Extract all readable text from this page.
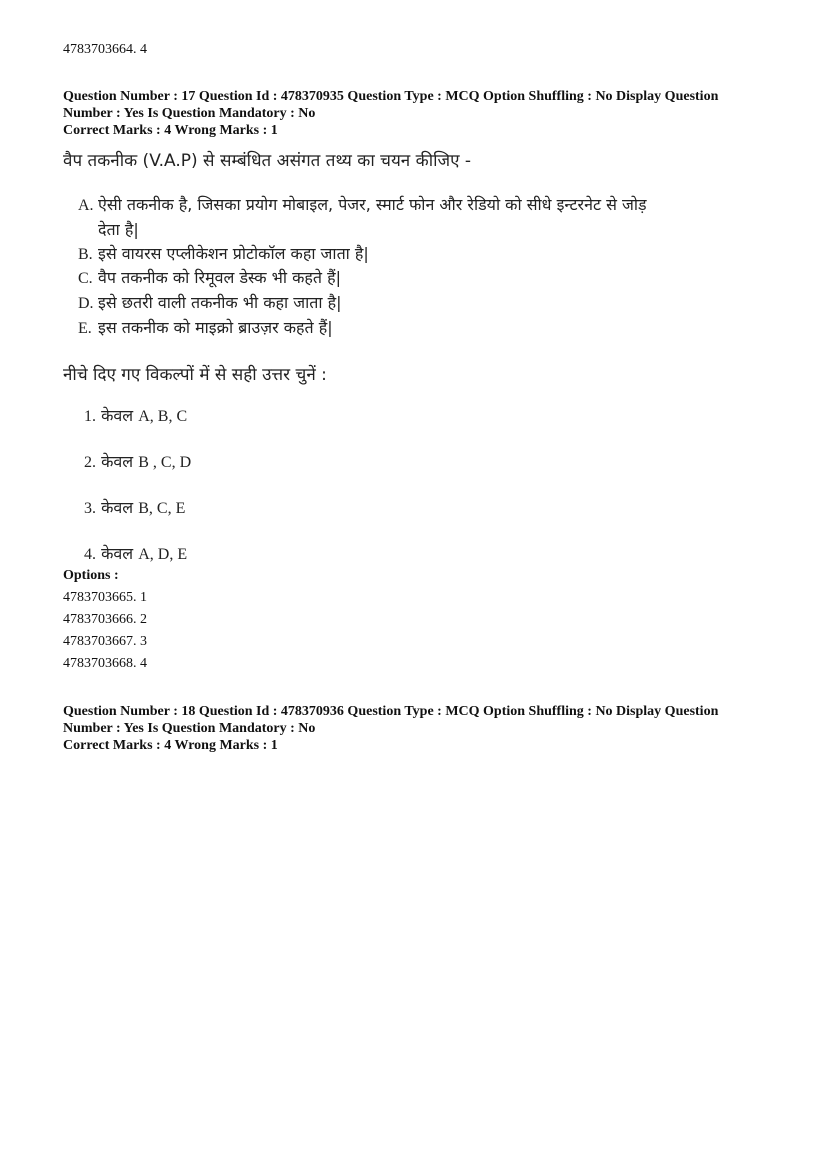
4783703664. 4
Question Number : 17 Question Id : 478370935 Question Type : MCQ Option Shuffling : No Display Question
Number : Yes Is Question Mandatory : No
Correct Marks : 4 Wrong Marks : 1
वैप तकनीक (V.A.P) से सम्बंधित असंगत तथ्य का चयन कीजिए -
A. ऐसी तकनीक है, जिसका प्रयोग मोबाइल, पेजर, स्मार्ट फोन और रेडियो को सीधे इन्टरनेट से जोड़
देता है|
B. इसे वायरस एप्लीकेशन प्रोटोकॉल कहा जाता है|
C. वैप तकनीक को रिमूवल डेस्क भी कहते हैं|
D. इसे छतरी वाली तकनीक भी कहा जाता है|
E. इस तकनीक को माइक्रो ब्राउज़र कहते हैं|
नीचे दिए गए विकल्पों में से सही उत्तर चुनें :
1. केवल A, B, C
2. केवल B , C, D
3. केवल B, C, E
4. केवल A, D, E
Options :
4783703665. 1
4783703666. 2
4783703667. 3
4783703668. 4
Question Number : 18 Question Id : 478370936 Question Type : MCQ Option Shuffling : No Display Question
Number : Yes Is Question Mandatory : No
Correct Marks : 4 Wrong Marks : 1
